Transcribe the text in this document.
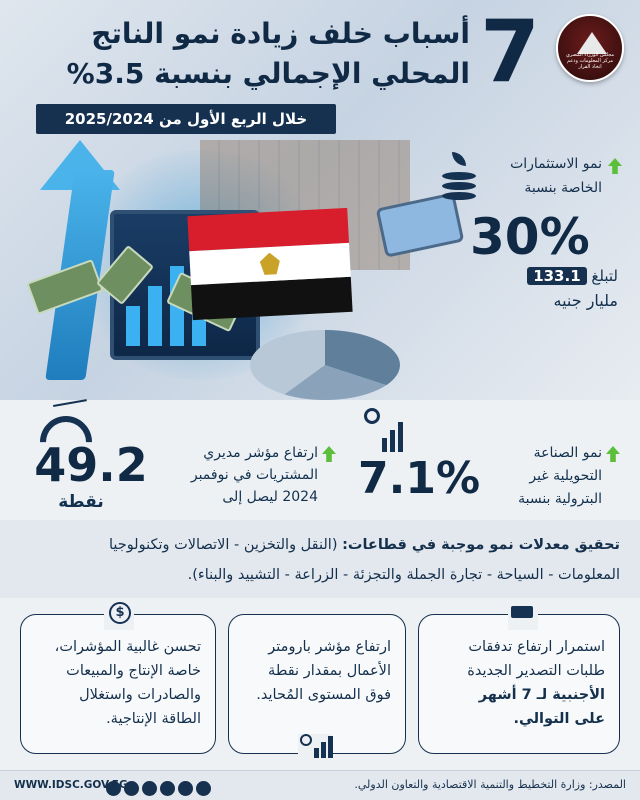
مجلس الوزراء المصري مركز المعلومات ودعم اتخاذ القرار
7
أسباب خلف زيادة نمو الناتج
المحلي الإجمالي بنسبة 3.5%
خلال الربع الأول من 2025/2024
نمو الاستثمارات
الخاصة بنسبة
30%
لتبلغ 133.1
مليار جنيه
49.2
نقطة
ارتفاع مؤشر مديري
المشتريات في نوفمبر
2024 ليصل إلى 7.1%	نمو الصناعة
التحويلية غير
البترولية بنسبة
تحقيق معدلات نمو موجبة في قطاعات: (النقل والتخزين - الاتصالات وتكنولوجيا
المعلومات - السياحة - تجارة الجملة والتجزئة - الزراعة - التشييد والبناء).
استمرار ارتفاع تدفقات
طلبات التصدير الجديدة
الأجنبية لـ 7 أشهر
على التوالي.
ارتفاع مؤشر بارومتر
الأعمال بمقدار نقطة
فوق المستوى المُحايد.
تحسن غالبية المؤشرات،
خاصة الإنتاج والمبيعات
والصادرات واستغلال
الطاقة الإنتاجية.
$
المصدر: وزارة التخطيط والتنمية الاقتصادية والتعاون الدولي.
WWW.IDSC.GOV.EG
